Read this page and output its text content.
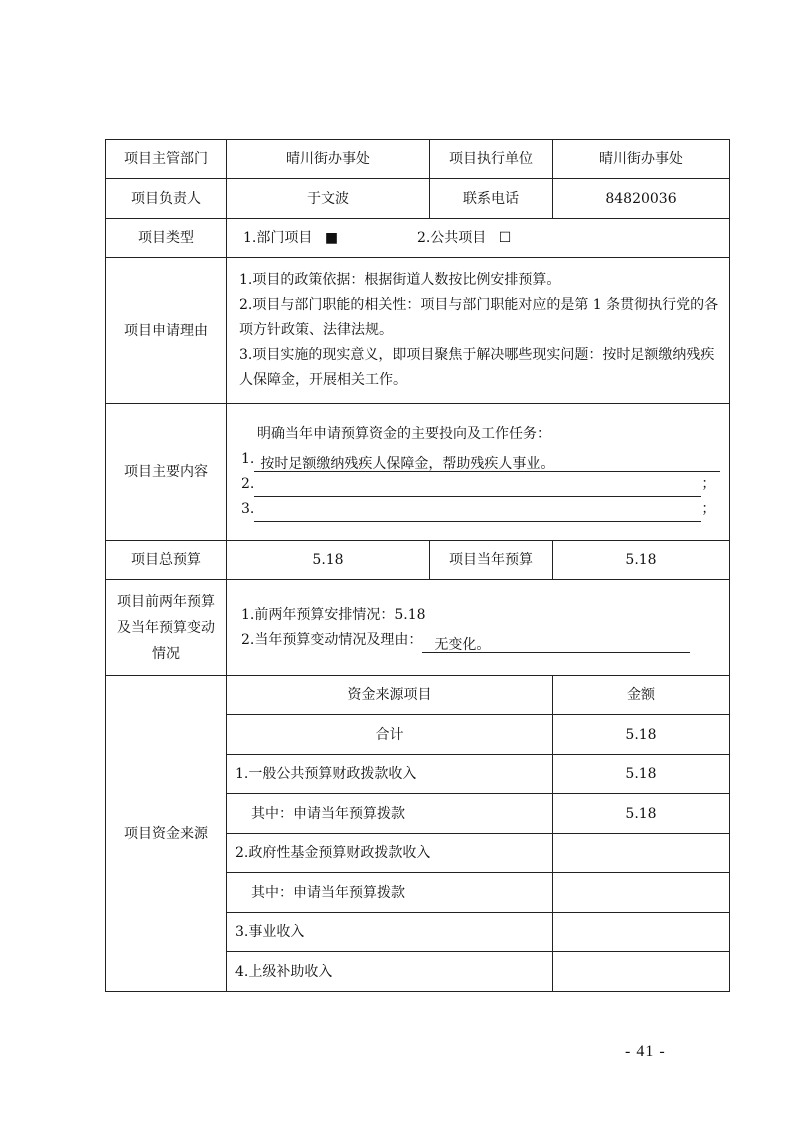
项目主管部门	晴川街办事处	项目执行单位	晴川街办事处
项目负责人	于文波	联系电话	84820036
项目类型	1.部门项目 ■ 2.公共项目 ☐		
项目申请理由	1.项目的政策依据：根据街道人数按比例安排预算。

2.项目与部门职能的相关性：项目与部门职能对应的是第 1 条贯彻执行党的各项方针政策、法律法规。

3.项目实施的现实意义，即项目聚焦于解决哪些现实问题：按时足额缴纳残疾人保障金，开展相关工作。		

项目主要内容	明确当年申请预算资金的主要投向及工作任务：
1. 按时足额缴纳残疾人保障金，帮助残疾人事业。
2. ；
3. ；		

项目总预算	5.18	项目当年预算	5.18
项目前两年预算及当年预算变动情况	1.前两年预算安排情况：5.18
2.当年预算变动情况及理由： 无变化。		

项目资金来源	资金来源项目		金额
	合计		5.18
	1.一般公共预算财政拨款收入		5.18
	其中：申请当年预算拨款		5.18
	2.政府性基金预算财政拨款收入		
	其中：申请当年预算拨款		
	3.事业收入		
	4.上级补助收入		
- 41 -
